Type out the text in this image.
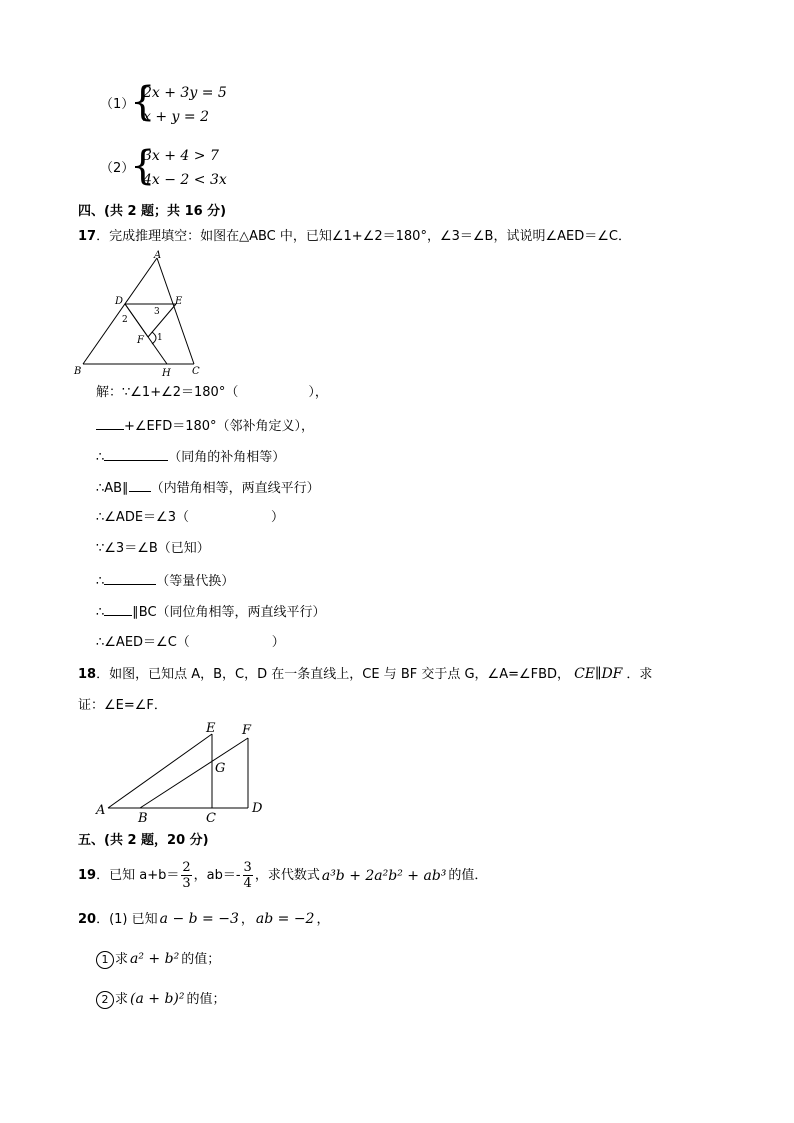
（1）
{
2x + 3y = 5
x + y = 2
（2）
{
3x + 4 > 7
4x − 2 < 3x
四、(共 2 题；共 16 分)
17．完成推理填空：如图在△ABC 中，已知∠1+∠2＝180°，∠3＝∠B，试说明∠AED＝∠C．
A
B	C
D	E
F
H
1
2
3
解：∵∠1+∠2＝180°（	），
+∠EFD＝180°（邻补角定义），
∴	（同角的补角相等）
∴AB∥ （内错角相等，两直线平行）
∴∠ADE＝∠3（	）
∵∠3＝∠B（已知）
∴	（等量代换）
∴ ∥BC（同位角相等，两直线平行）
∴∠AED＝∠C（	）
18．如图，已知点 A，B，C，D 在一条直线上，CE 与 BF 交于点 G，∠A=∠FBD， CE∥DF ．求
证：∠E=∠F．
A
B	C
D
E F
G
五、(共 2 题，20 分)
19 ．已知 $a+b= \frac{2}{3}$ ，$ab=- \frac{3}{4}$ ，求代数式 a³b + 2a²b² + ab³ 的值．
20．(1) 已知 a − b = −3 ， ab = −2 ，
1 求 a² + b² 的值；
2 求 (a + b)² 的值；
